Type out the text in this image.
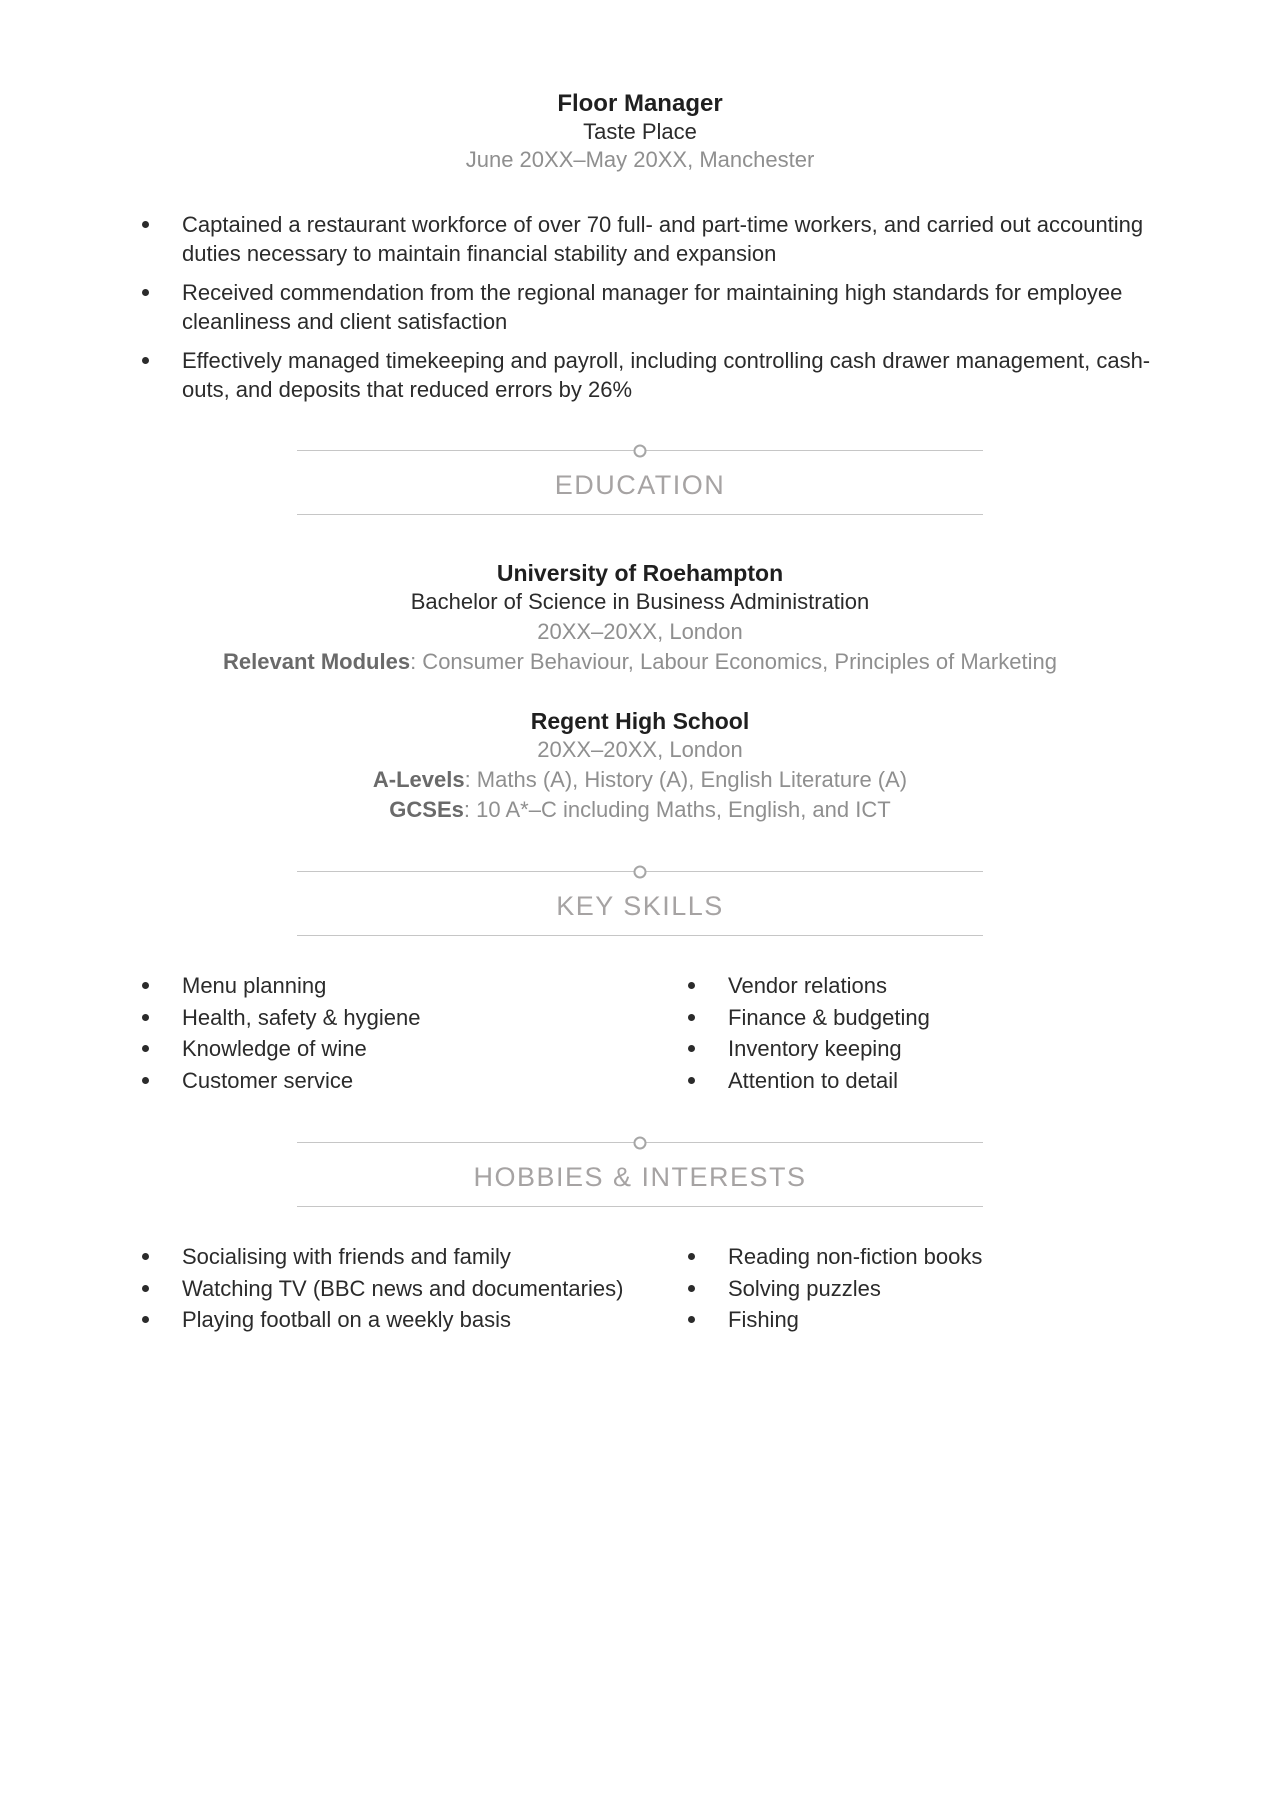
Floor Manager
Taste Place
June 20XX–May 20XX, Manchester
Captained a restaurant workforce of over 70 full- and part-time workers, and carried out accounting duties necessary to maintain financial stability and expansion
Received commendation from the regional manager for maintaining high standards for employee cleanliness and client satisfaction
Effectively managed timekeeping and payroll, including controlling cash drawer management, cash-outs, and deposits that reduced errors by 26%
EDUCATION
University of Roehampton
Bachelor of Science in Business Administration
20XX–20XX, London
Relevant Modules: Consumer Behaviour, Labour Economics, Principles of Marketing
Regent High School
20XX–20XX, London
A-Levels: Maths (A), History (A), English Literature (A)
GCSEs: 10 A*–C including Maths, English, and ICT
KEY SKILLS
Menu planning
Health, safety & hygiene
Knowledge of wine
Customer service
Vendor relations
Finance & budgeting
Inventory keeping
Attention to detail
HOBBIES & INTERESTS
Socialising with friends and family
Watching TV (BBC news and documentaries)
Playing football on a weekly basis
Reading non-fiction books
Solving puzzles
Fishing
